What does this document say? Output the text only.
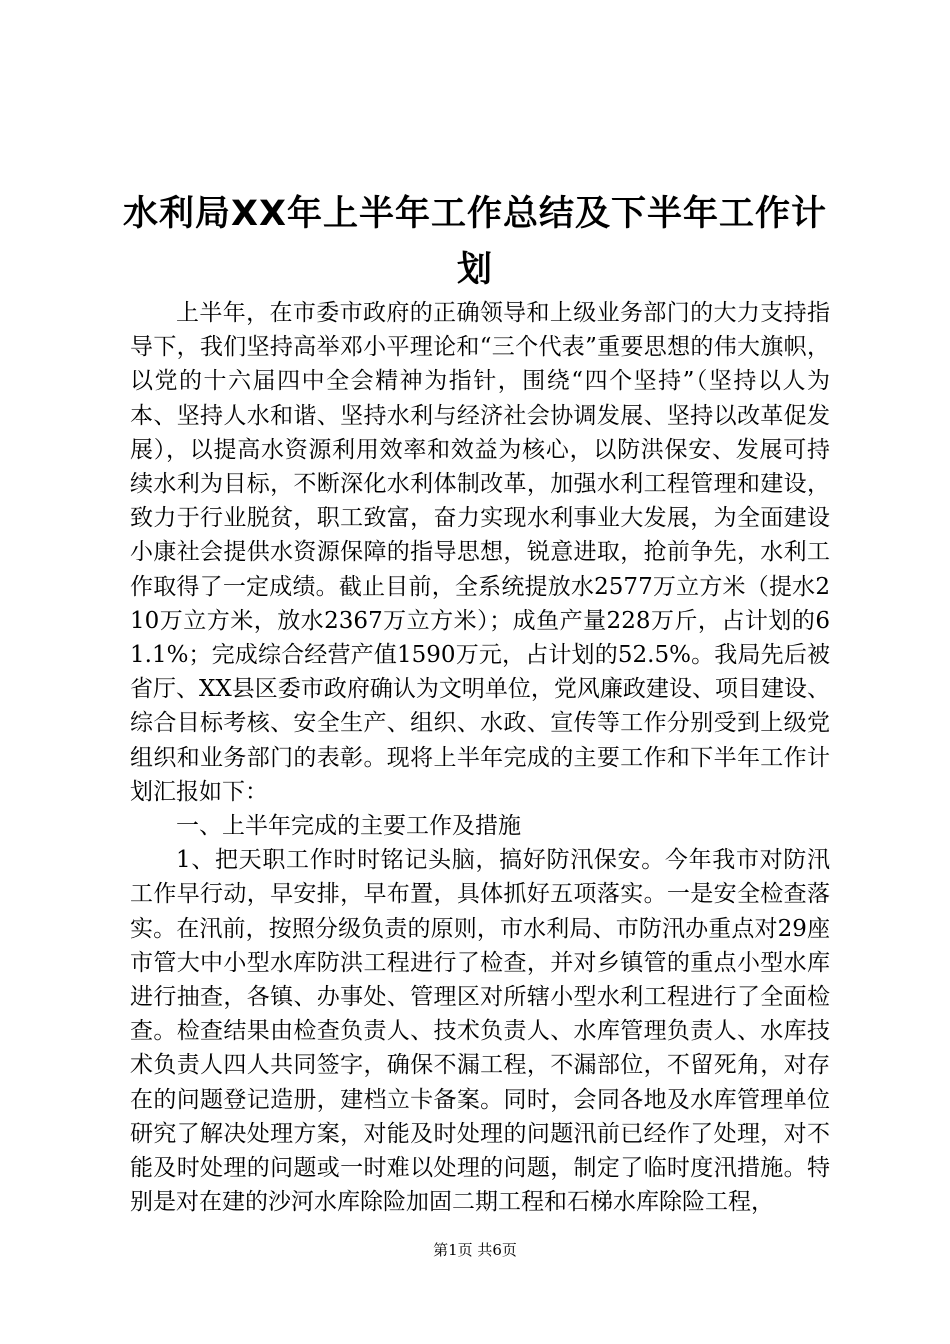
水利局XX年上半年工作总结及下半年工作计划

上半年，在市委市政府的正确领导和上级业务部门的大力支持指导下，我们坚持高举邓小平理论和“三个代表”重要思想的伟大旗帜，以党的十六届四中全会精神为指针，围绕“四个坚持”（坚持以人为本、坚持人水和谐、坚持水利与经济社会协调发展、坚持以改革促发展），以提高水资源利用效率和效益为核心，以防洪保安、发展可持续水利为目标，不断深化水利体制改革，加强水利工程管理和建设，致力于行业脱贫，职工致富，奋力实现水利事业大发展，为全面建设小康社会提供水资源保障的指导思想，锐意进取，抢前争先，水利工作取得了一定成绩。截止目前，全系统提放水2577万立方米（提水210万立方米，放水2367万立方米）；成鱼产量228万斤，占计划的61.1%；完成综合经营产值1590万元，占计划的52.5%。我局先后被省厅、XX县区委市政府确认为文明单位，党风廉政建设、项目建设、综合目标考核、安全生产、组织、水政、宣传等工作分别受到上级党组织和业务部门的表彰。现将上半年完成的主要工作和下半年工作计划汇报如下：

一、上半年完成的主要工作及措施

1、把天职工作时时铭记头脑，搞好防汛保安。今年我市对防汛工作早行动，早安排，早布置，具体抓好五项落实。一是安全检查落实。在汛前，按照分级负责的原则，市水利局、市防汛办重点对29座市管大中小型水库防洪工程进行了检查，并对乡镇管的重点小型水库进行抽查，各镇、办事处、管理区对所辖小型水利工程进行了全面检查。检查结果由检查负责人、技术负责人、水库管理负责人、水库技术负责人四人共同签字，确保不漏工程，不漏部位，不留死角，对存在的问题登记造册，建档立卡备案。同时，会同各地及水库管理单位研究了解决处理方案，对能及时处理的问题汛前已经作了处理，对不能及时处理的问题或一时难以处理的问题，制定了临时度汛措施。特别是对在建的沙河水库除险加固二期工程和石梯水库除险工程，

第1页 共6页
